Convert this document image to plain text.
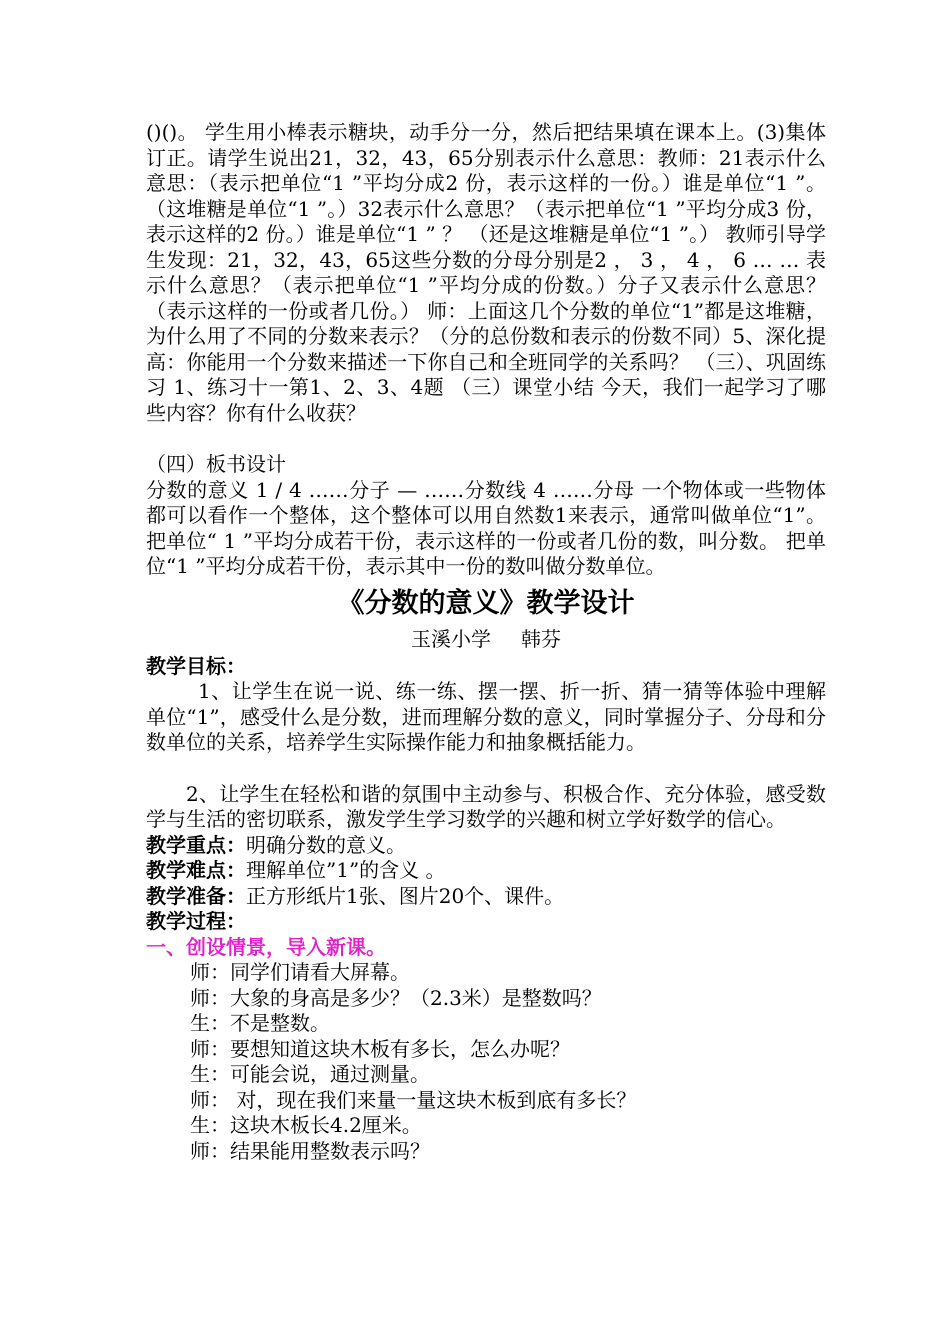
()()。 学生用小棒表示糖块，动手分一分，然后把结果填在课本上。(3)集体订正。请学生说出21，32，43，65分别表示什么意思：教师：21表示什么意思：（表示把单位“1 ”平均分成2 份，表示这样的一份。）谁是单位“1 ”。（这堆糖是单位“1 ”。）32表示什么意思？（表示把单位“1 ”平均分成3 份，表示这样的2 份。）谁是单位“1 ” ？ （还是这堆糖是单位“1 ”。） 教师引导学生发现：21，32，43，65这些分数的分母分别是2 ， 3 ， 4 ， 6 … … 表示什么意思？（表示把单位“1 ”平均分成的份数。）分子又表示什么意思？（表示这样的一份或者几份。） 师：上面这几个分数的单位“1”都是这堆糖，为什么用了不同的分数来表示？（分的总份数和表示的份数不同）5、深化提高：你能用一个分数来描述一下你自己和全班同学的关系吗？ （三）、巩固练习 1、练习十一第1、2、3、4题 （三）课堂小结 今天，我们一起学习了哪些内容？你有什么收获？

（四）板书设计

分数的意义 1 / 4 ……分子 — ……分数线 4 ……分母 一个物体或一些物体都可以看作一个整体，这个整体可以用自然数1来表示，通常叫做单位“1”。 把单位“ 1 ”平均分成若干份，表示这样的一份或者几份的数，叫分数。 把单位“1 ”平均分成若干份，表示其中一份的数叫做分数单位。

《分数的意义》教学设计
玉溪小学 韩芬

教学目标：

1、让学生在说一说、练一练、摆一摆、折一折、猜一猜等体验中理解单位“1”，感受什么是分数，进而理解分数的意义，同时掌握分子、分母和分数单位的关系，培养学生实际操作能力和抽象概括能力。

2、让学生在轻松和谐的氛围中主动参与、积极合作、充分体验，感受数学与生活的密切联系，激发学生学习数学的兴趣和树立学好数学的信心。

教学重点：明确分数的意义。

教学难点：理解单位”1”的含义 。

教学准备：正方形纸片1张、图片20个、课件。

教学过程：

一、创设情景，导入新课。

师：同学们请看大屏幕。

师：大象的身高是多少？（2.3米）是整数吗？

生：不是整数。

师：要想知道这块木板有多长，怎么办呢？

生：可能会说，通过测量。

师： 对，现在我们来量一量这块木板到底有多长？

生：这块木板长4.2厘米。

师：结果能用整数表示吗？
